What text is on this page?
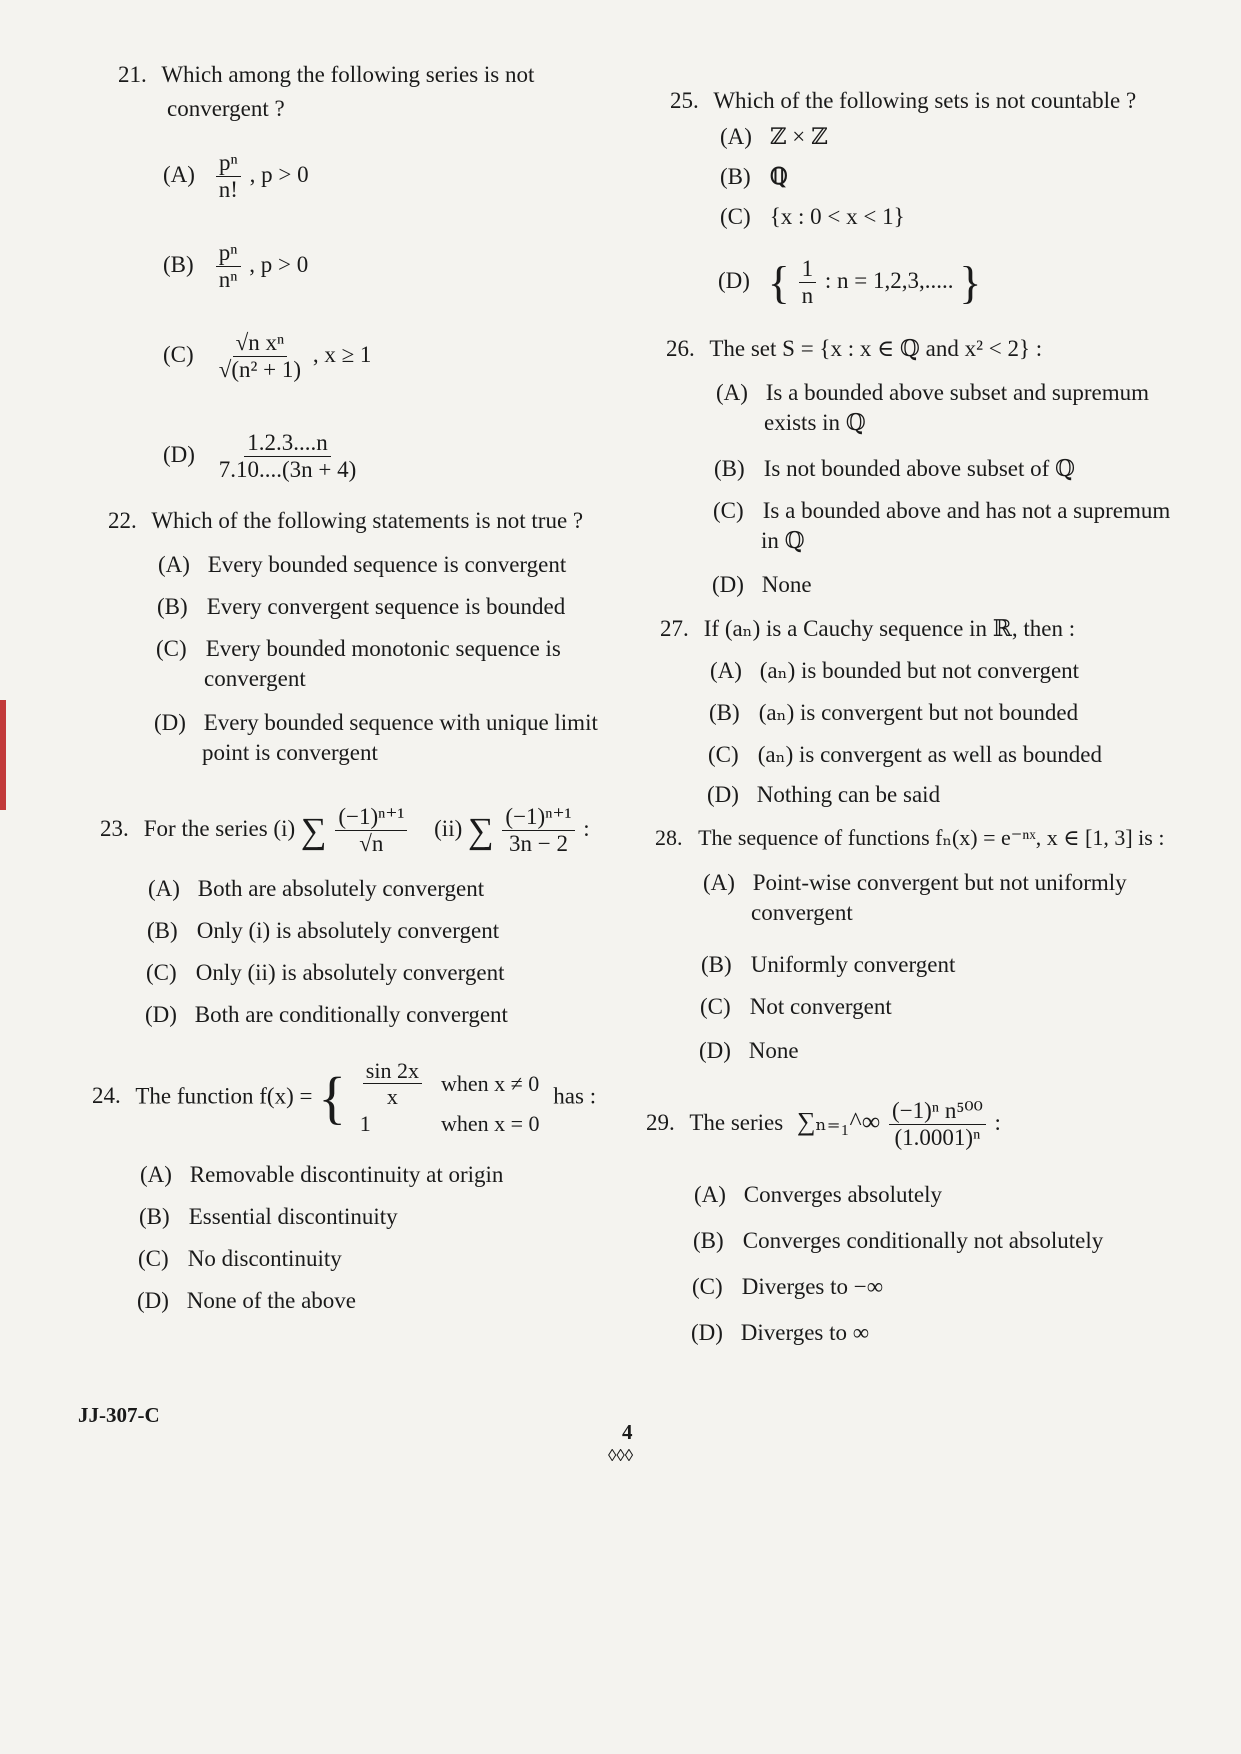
21. Which among the following series is not
convergent ?
$(A) \frac{\text{pⁿ}}{n!}$ , p > 0
$(B) \frac{\text{pⁿ}}{\text{nⁿ}}$ , p > 0
$(C) \frac{\text{√n xⁿ}}{\text{√(n² + 1)}}$ , x ≥ 1
$(D) \frac{1.2.3....n}{7.10....(3n + 4)}$
22. Which of the following statements is not true ?
(A) Every bounded sequence is convergent
(B) Every convergent sequence is bounded
(C) Every bounded monotonic sequence is
convergent
(D) Every bounded sequence with unique limit
point is convergent
23. For the series (i) ∑ $\frac{\text{(−1)ⁿ⁺¹}}{√n} (ii)$ ∑ $\frac{\text{(−1)ⁿ⁺¹}}{3n - 2}$ :
(A) Both are absolutely convergent
(B) Only (i) is absolutely convergent
(C) Only (ii) is absolutely convergent
(D) Both are conditionally convergent
24. The function f(x) = { $\frac{\sin 2x}{x}$	when x ≠ 0
1	when x = 0 has :
(A) Removable discontinuity at origin
(B) Essential discontinuity
(C) No discontinuity
(D) None of the above
25. Which of the following sets is not countable ?
(A) ℤ × ℤ
(B) ℚ
(C) {x : 0 < x < 1}
(D) { $\frac{1}{n}$ : n = 1,2,3,..... }
26. The set S = {x : x ∈ ℚ and x² < 2} :
(A) Is a bounded above subset and supremum
exists in ℚ
(B) Is not bounded above subset of ℚ
(C) Is a bounded above and has not a supremum
in ℚ
(D) None
27. If (aₙ) is a Cauchy sequence in ℝ, then :
(A) (aₙ) is bounded but not convergent
(B) (aₙ) is convergent but not bounded
(C) (aₙ) is convergent as well as bounded
(D) Nothing can be said
28. The sequence of functions fₙ(x) = e⁻ⁿˣ, x ∈ [1, 3] is :
(A) Point-wise convergent but not uniformly
convergent
(B) Uniformly convergent
(C) Not convergent
(D) None
29. The series ∑ₙ₌₁^∞ $\frac{\text{(−1)ⁿ n⁵⁰⁰}}{\text{(1.0001)ⁿ}}$ :
(A) Converges absolutely
(B) Converges conditionally not absolutely
(C) Diverges to −∞
(D) Diverges to ∞
JJ-307-C
4
◊◊◊
